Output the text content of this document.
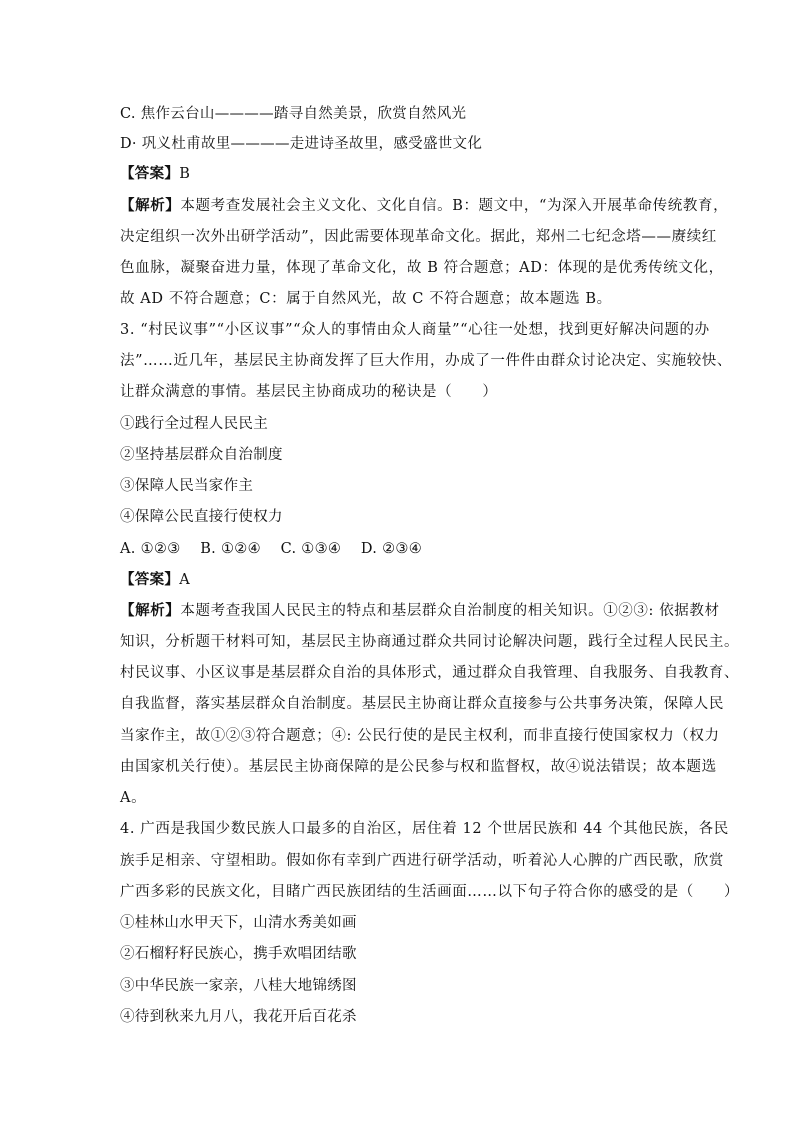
C. 焦作云台山————踏寻自然美景，欣赏自然风光
D· 巩义杜甫故里————走进诗圣故里，感受盛世文化
【答案】B
【解析】本题考查发展社会主义文化、文化自信。B：题文中，“为深入开展革命传统教育，
决定组织一次外出研学活动”，因此需要体现革命文化。据此，郑州二七纪念塔——赓续红
色血脉，凝聚奋进力量，体现了革命文化，故 B 符合题意；AD：体现的是优秀传统文化，
故 AD 不符合题意；C：属于自然风光，故 C 不符合题意；故本题选 B。
3. “村民议事”“小区议事”“众人的事情由众人商量”“心往一处想，找到更好解决问题的办
法”……近几年，基层民主协商发挥了巨大作用，办成了一件件由群众讨论决定、实施较快、
让群众满意的事情。基层民主协商成功的秘诀是（　　）
①践行全过程人民民主
②坚持基层群众自治制度
③保障人民当家作主
④保障公民直接行使权力
A. ①②③　 B. ①②④　 C. ①③④　 D. ②③④
【答案】A
【解析】本题考查我国人民民主的特点和基层群众自治制度的相关知识。①②③: 依据教材
知识，分析题干材料可知，基层民主协商通过群众共同讨论解决问题，践行全过程人民民主。
村民议事、小区议事是基层群众自治的具体形式，通过群众自我管理、自我服务、自我教育、
自我监督，落实基层群众自治制度。基层民主协商让群众直接参与公共事务决策，保障人民
当家作主，故①②③符合题意；④: 公民行使的是民主权利，而非直接行使国家权力（权力
由国家机关行使）。基层民主协商保障的是公民参与权和监督权，故④说法错误；故本题选
A。
4. 广西是我国少数民族人口最多的自治区，居住着 12 个世居民族和 44 个其他民族，各民
族手足相亲、守望相助。假如你有幸到广西进行研学活动，听着沁人心脾的广西民歌，欣赏
广西多彩的民族文化，目睹广西民族团结的生活画面……以下句子符合你的感受的是（　　）
①桂林山水甲天下，山清水秀美如画
②石榴籽籽民族心，携手欢唱团结歌
③中华民族一家亲，八桂大地锦绣图
④待到秋来九月八，我花开后百花杀
